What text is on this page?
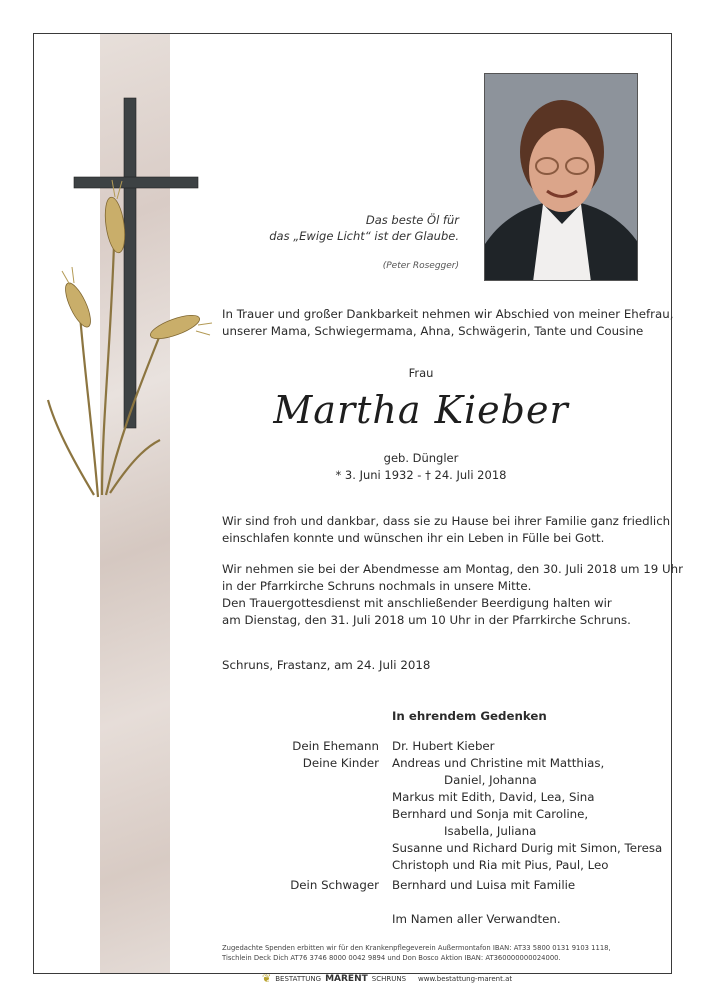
Das beste Öl für
das „Ewige Licht“ ist der Glaube.
(Peter Rosegger)
In Trauer und großer Dankbarkeit nehmen wir Abschied von meiner Ehefrau,
unserer Mama, Schwiegermama, Ahna, Schwägerin, Tante und Cousine
Frau
Martha Kieber
geb. Düngler
* 3. Juni 1932 - † 24. Juli 2018
Wir sind froh und dankbar, dass sie zu Hause bei ihrer Familie ganz friedlich
einschlafen konnte und wünschen ihr ein Leben in Fülle bei Gott.
Wir nehmen sie bei der Abendmesse am Montag, den 30. Juli 2018 um 19 Uhr
in der Pfarrkirche Schruns nochmals in unsere Mitte.
Den Trauergottesdienst mit anschließender Beerdigung halten wir
am Dienstag, den 31. Juli 2018 um 10 Uhr in der Pfarrkirche Schruns.
Schruns, Frastanz, am 24. Juli 2018
In ehrendem Gedenken
Dein Ehemann Dr. Hubert Kieber
Deine Kinder Andreas und Christine mit Matthias,
Daniel, Johanna
Markus mit Edith, David, Lea, Sina
Bernhard und Sonja mit Caroline,
Isabella, Juliana
Susanne und Richard Durig mit Simon, Teresa
Christoph und Ria mit Pius, Paul, Leo
Dein Schwager Bernhard und Luisa mit Familie
Im Namen aller Verwandten.
Zugedachte Spenden erbitten wir für den Krankenpflegeverein Außermontafon IBAN: AT33 5800 0131 9103 1118,
Tischlein Deck Dich AT76 3746 8000 0042 9894 und Don Bosco Aktion IBAN: AT360000000024000.
❦ BESTATTUNG MARENT SCHRUNS www.bestattung-marent.at
